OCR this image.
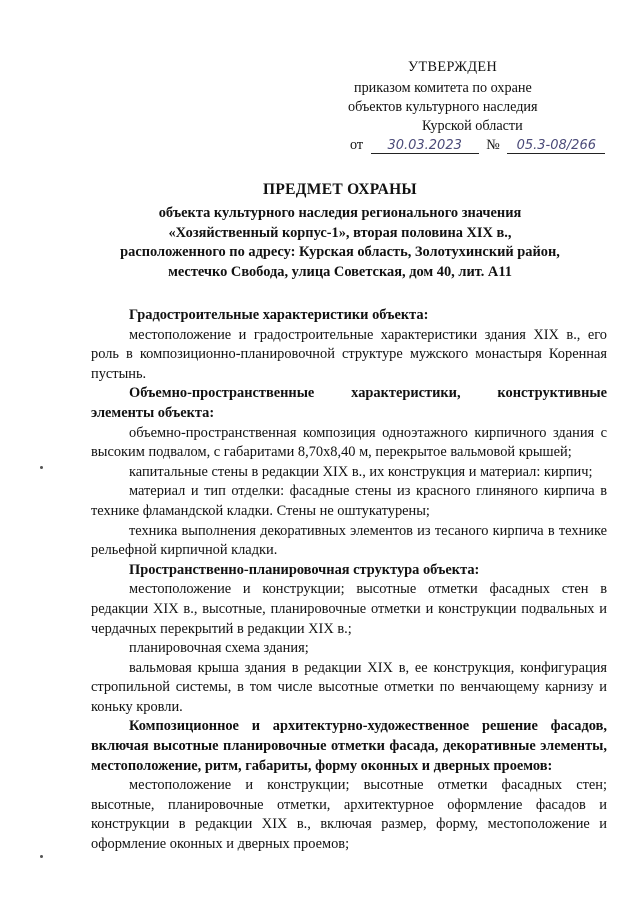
УТВЕРЖДЕН
приказом комитета по охране
объектов культурного наследия
Курской области
от 30.03.2023 № 05.3-08/266
ПРЕДМЕТ ОХРАНЫ
объекта культурного наследия регионального значения
«Хозяйственный корпус-1», вторая половина XIX в.,
расположенного по адресу: Курская область, Золотухинский район,
местечко Свобода, улица Советская, дом 40, лит. А11

Градостроительные характеристики объекта:

местоположение и градостроительные характеристики здания XIX в., его роль в композиционно-планировочной структуре мужского монастыря Коренная пустынь.

Объемно-пространственные характеристики, конструктивные элементы объекта:

объемно-пространственная композиция одноэтажного кирпичного здания с высоким подвалом, с габаритами 8,70х8,40 м, перекрытое вальмовой крышей;

капитальные стены в редакции XIX в., их конструкция и материал: кирпич;

материал и тип отделки: фасадные стены из красного глиняного кирпича в технике фламандской кладки. Стены не оштукатурены;

техника выполнения декоративных элементов из тесаного кирпича в технике рельефной кирпичной кладки.

Пространственно-планировочная структура объекта:

местоположение и конструкции; высотные отметки фасадных стен в редакции XIX в., высотные, планировочные отметки и конструкции подвальных и чердачных перекрытий в редакции XIX в.;

планировочная схема здания;

вальмовая крыша здания в редакции XIX в, ее конструкция, конфигурация стропильной системы, в том числе высотные отметки по венчающему карнизу и коньку кровли.

Композиционное и архитектурно-художественное решение фасадов, включая высотные планировочные отметки фасада, декоративные элементы, местоположение, ритм, габариты, форму оконных и дверных проемов:

местоположение и конструкции; высотные отметки фасадных стен; высотные, планировочные отметки, архитектурное оформление фасадов и конструкции в редакции XIX в., включая размер, форму, местоположение и оформление оконных и дверных проемов;
